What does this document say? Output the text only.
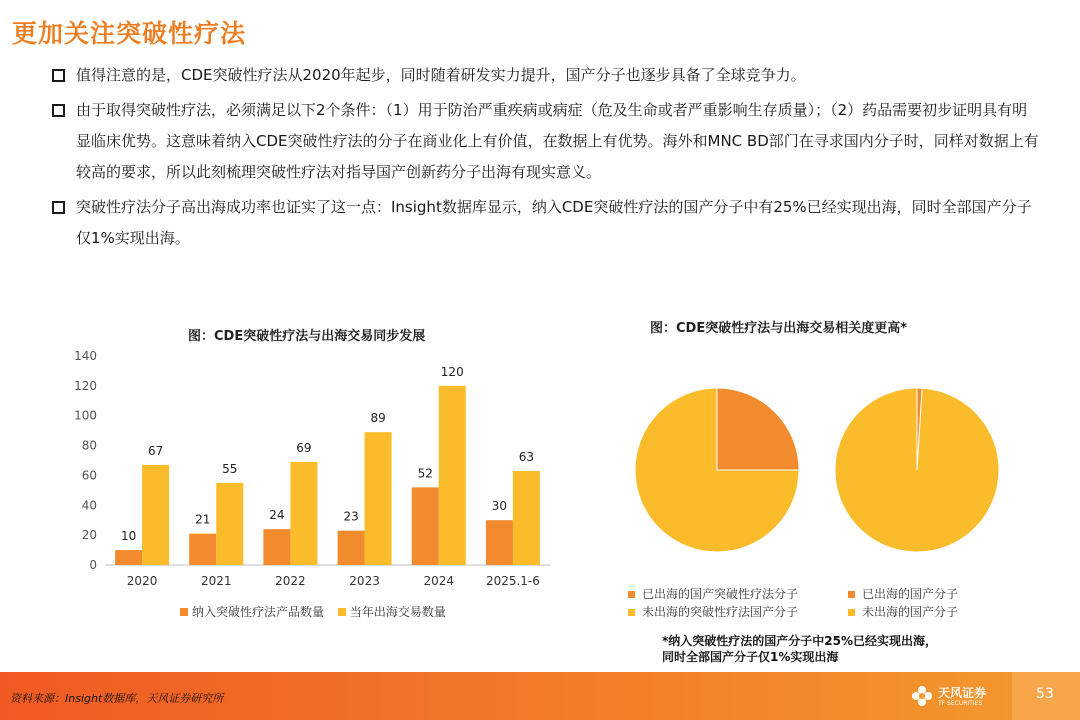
更加关注突破性疗法
值得注意的是，CDE突破性疗法从2020年起步，同时随着研发实力提升，国产分子也逐步具备了全球竞争力。
由于取得突破性疗法，必须满足以下2个条件：（1）用于防治严重疾病或病症（危及生命或者严重影响生存质量）；（2）药品需要初步证明具有明显临床优势。这意味着纳入CDE突破性疗法的分子在商业化上有价值，在数据上有优势。海外和MNC BD部门在寻求国内分子时，同样对数据上有较高的要求，所以此刻梳理突破性疗法对指导国产创新药分子出海有现实意义。
突破性疗法分子高出海成功率也证实了这一点：Insight数据库显示，纳入CDE突破性疗法的国产分子中有25%已经实现出海，同时全部国产分子仅1%实现出海。
图：CDE突破性疗法与出海交易同步发展
0
20
40
60
80
100
120
140
10
67
2020
21
55
2021
24
69
2022
23
89
2023
52
120
2024
30
63
2025.1-6
纳入突破性疗法产品数量
当年出海交易数量
图：CDE突破性疗法与出海交易相关度更高*
已出海的国产突破性疗法分子
未出海的突破性疗法国产分子
已出海的国产分子
未出海的国产分子
*纳入突破性疗法的国产分子中25%已经实现出海，
同时全部国产分子仅1%实现出海
资料来源：Insight数据库，天风证券研究所	天风证券
TF SECURITIES
53
